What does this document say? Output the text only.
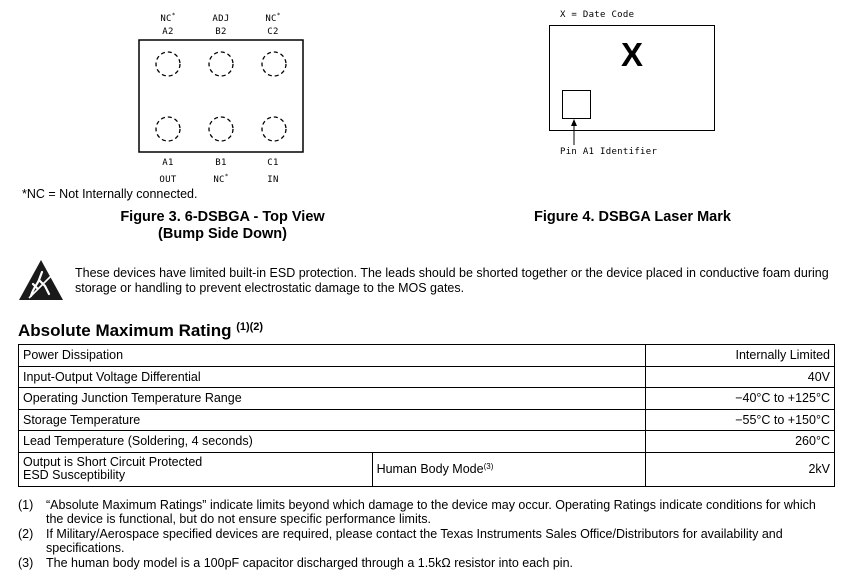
NC*
A2
ADJ
B2
NC*
C2
A1
OUT
B1
NC*
C1
IN
*NC = Not Internally connected.
Figure 3. 6-DSBGA - Top View
(Bump Side Down)
X = Date Code
X
Pin A1 Identifier
Figure 4. DSBGA Laser Mark
These devices have limited built-in ESD protection. The leads should be shorted together or the device placed in conductive foam during storage or handling to prevent electrostatic damage to the MOS gates.
Absolute Maximum Rating $^{(1)(2)}$
Power Dissipation		Internally Limited
Input-Output Voltage Differential		40V
Operating Junction Temperature Range		−40°C to +125°C
Storage Temperature		−55°C to +150°C
Lead Temperature (Soldering, 4 seconds)		260°C

Output is Short Circuit Protected
ESD Susceptibility	Human Body Mode$^{(3)}$	2kV
(1) “Absolute Maximum Ratings” indicate limits beyond which damage to the device may occur. Operating Ratings indicate conditions for which the device is functional, but do not ensure specific performance limits.
(2) If Military/Aerospace specified devices are required, please contact the Texas Instruments Sales Office/Distributors for availability and specifications.
(3) The human body model is a 100pF capacitor discharged through a 1.5kΩ resistor into each pin.
